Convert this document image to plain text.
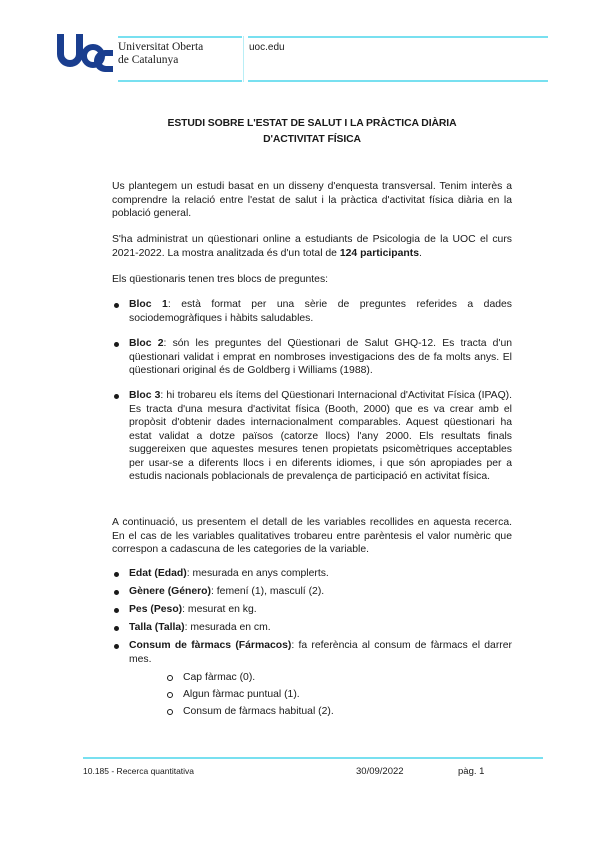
Universitat Oberta
de Catalunya
uoc.edu
ESTUDI SOBRE L'ESTAT DE SALUT I LA PRÀCTICA DIÀRIA
D'ACTIVITAT FÍSICA

Us plantegem un estudi basat en un disseny d'enquesta transversal. Tenim interès a comprendre la relació entre l'estat de salut i la pràctica d'activitat física diària en la població general.

S'ha administrat un qüestionari online a estudiants de Psicologia de la UOC el curs 2021-2022. La mostra analitzada és d'un total de 124 participants.

Els qüestionaris tenen tres blocs de preguntes:

Bloc 1: està format per una sèrie de preguntes referides a dades sociodemogràfiques i hàbits saludables.
Bloc 2: són les preguntes del Qüestionari de Salut GHQ-12. Es tracta d'un qüestionari validat i emprat en nombroses investigacions des de fa molts anys. El qüestionari original és de Goldberg i Williams (1988).
Bloc 3: hi trobareu els ítems del Qüestionari Internacional d'Activitat Física (IPAQ). Es tracta d'una mesura d'activitat física (Booth, 2000) que es va crear amb el propòsit d'obtenir dades internacionalment comparables. Aquest qüestionari ha estat validat a dotze països (catorze llocs) l'any 2000. Els resultats finals suggereixen que aquestes mesures tenen propietats psicomètriques acceptables per usar-se a diferents llocs i en diferents idiomes, i que són apropiades per a estudis nacionals poblacionals de prevalença de participació en activitat física.

A continuació, us presentem el detall de les variables recollides en aquesta recerca. En el cas de les variables qualitatives trobareu entre parèntesis el valor numèric que correspon a cadascuna de les categories de la variable.

Edat (Edad): mesurada en anys complerts.
Gènere (Género): femení (1), masculí (2).
Pes (Peso): mesurat en kg.
Talla (Talla): mesurada en cm.
Consum de fàrmacs (Fármacos): fa referència al consum de fàrmacs el darrer mes.
Cap fàrmac (0).
Algun fàrmac puntual (1).
Consum de fàrmacs habitual (2).
10.185 - Recerca quantitativa	30/09/2022	pàg. 1
